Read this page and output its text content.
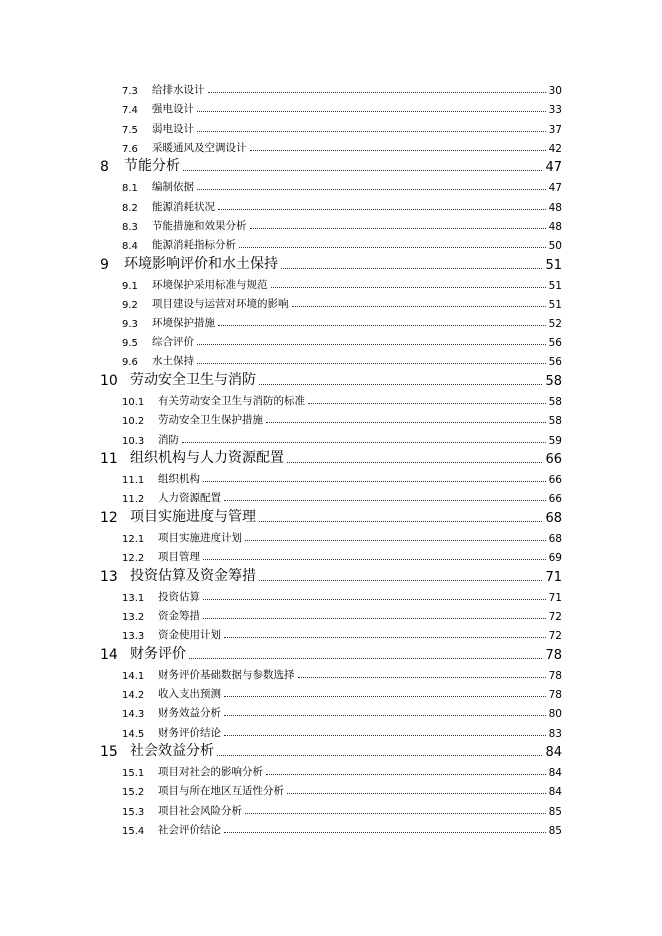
7.3	给排水设计	30
7.4	强电设计	33
7.5	弱电设计	37
7.6	采暖通风及空调设计	42
8	节能分析	47
8.1	编制依据	47
8.2	能源消耗状况	48
8.3	节能措施和效果分析	48
8.4	能源消耗指标分析	50
9	环境影响评价和水土保持	51
9.1	环境保护采用标准与规范	51
9.2	项目建设与运营对环境的影响	51
9.3	环境保护措施	52
9.5	综合评价	56
9.6	水土保持	56
10 劳动安全卫生与消防	58
10.1	有关劳动安全卫生与消防的标准	58
10.2	劳动安全卫生保护措施	58
10.3	消防	59
11 组织机构与人力资源配置	66
11.1	组织机构	66
11.2	人力资源配置	66
12 项目实施进度与管理	68
12.1	项目实施进度计划	68
12.2	项目管理	69
13 投资估算及资金筹措	71
13.1	投资估算	71
13.2	资金筹措	72
13.3	资金使用计划	72
14 财务评价	78
14.1	财务评价基础数据与参数选择	78
14.2	收入支出预测	78
14.3	财务效益分析	80
14.5	财务评价结论	83
15 社会效益分析	84
15.1	项目对社会的影响分析	84
15.2	项目与所在地区互适性分析	84
15.3	项目社会风险分析	85
15.4	社会评价结论	85
